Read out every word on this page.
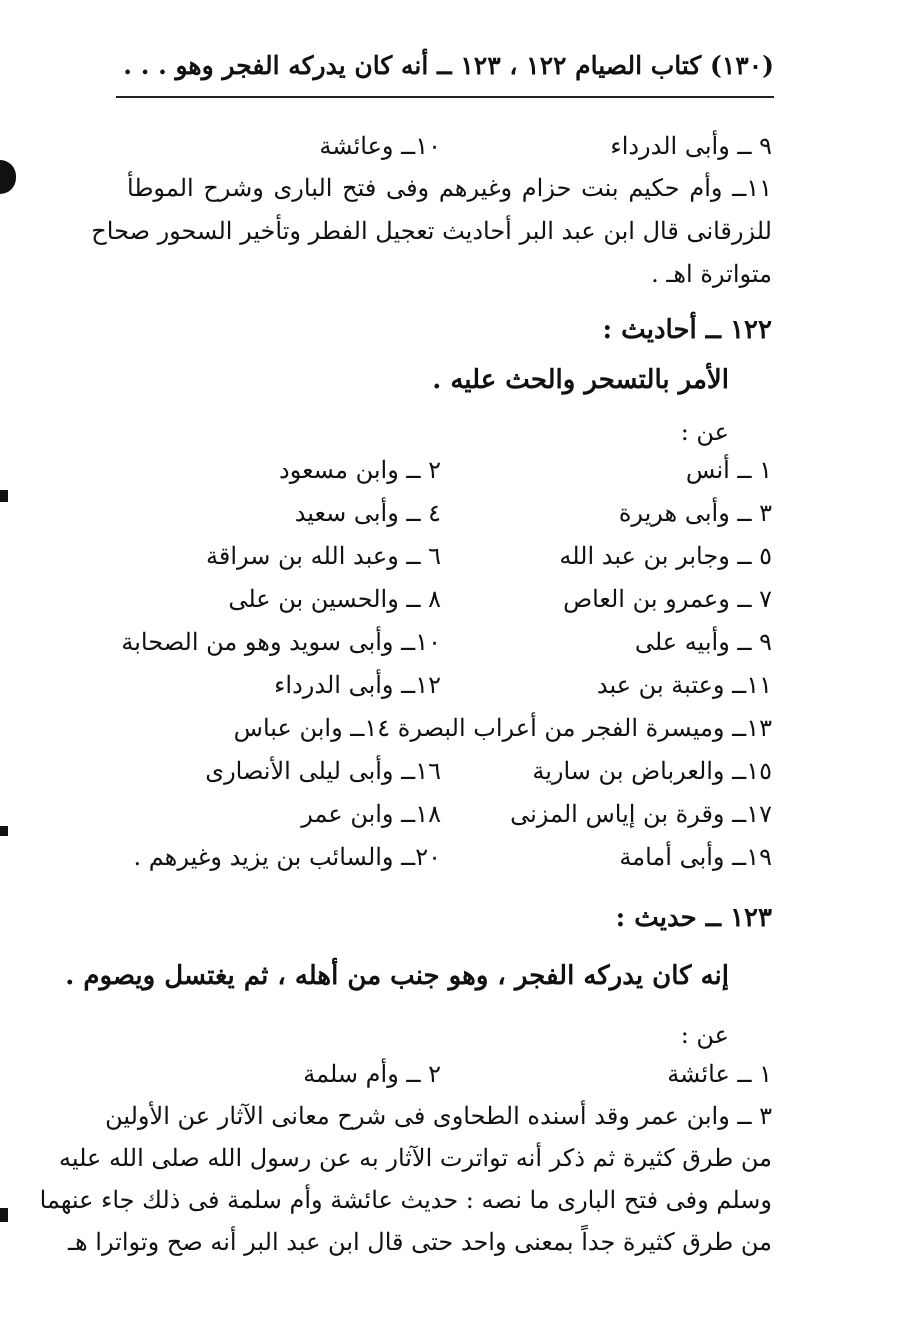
(١٣٠) كتاب الصيام ١٢٢ ، ١٢٣ ــ أنه كان يدركه الفجر وهو . . .
٩ ــ وأبى الدرداء
١٠ــ وعائشة
١١ــ وأم حكيم بنت حزام وغيرهم وفى فتح البارى وشرح الموطأ
للزرقانى قال ابن عبد البر أحاديث تعجيل الفطر وتأخير السحور صحاح
متواترة اهـ .
١٢٢ ــ أحاديث :
الأمر بالتسحر والحث عليه .
عن :
١ ــ أنس
٢ ــ وابن مسعود
٣ ــ وأبى هريرة
٤ ــ وأبى سعيد
٥ ــ وجابر بن عبد الله
٦ ــ وعبد الله بن سراقة
٧ ــ وعمرو بن العاص
٨ ــ والحسين بن على
٩ ــ وأبيه على
١٠ــ وأبى سويد وهو من الصحابة
١١ــ وعتبة بن عبد
١٢ــ وأبى الدرداء
١٣ــ وميسرة الفجر من أعراب البصرة ١٤ــ وابن عباس
١٥ــ والعرباض بن سارية
١٦ــ وأبى ليلى الأنصارى
١٧ــ وقرة بن إياس المزنى
١٨ــ وابن عمر
١٩ــ وأبى أمامة
٢٠ــ والسائب بن يزيد وغيرهم .
١٢٣ ــ حديث :
إنه كان يدركه الفجر ، وهو جنب من أهله ، ثم يغتسل ويصوم .
عن :
١ ــ عائشة
٢ ــ وأم سلمة
٣ ــ وابن عمر وقد أسنده الطحاوى فى شرح معانى الآثار عن الأولين
من طرق كثيرة ثم ذكر أنه تواترت الآثار به عن رسول الله صلى الله عليه
وسلم وفى فتح البارى ما نصه : حديث عائشة وأم سلمة فى ذلك جاء عنهما
من طرق كثيرة جداً بمعنى واحد حتى قال ابن عبد البر أنه صح وتواترا هـ
